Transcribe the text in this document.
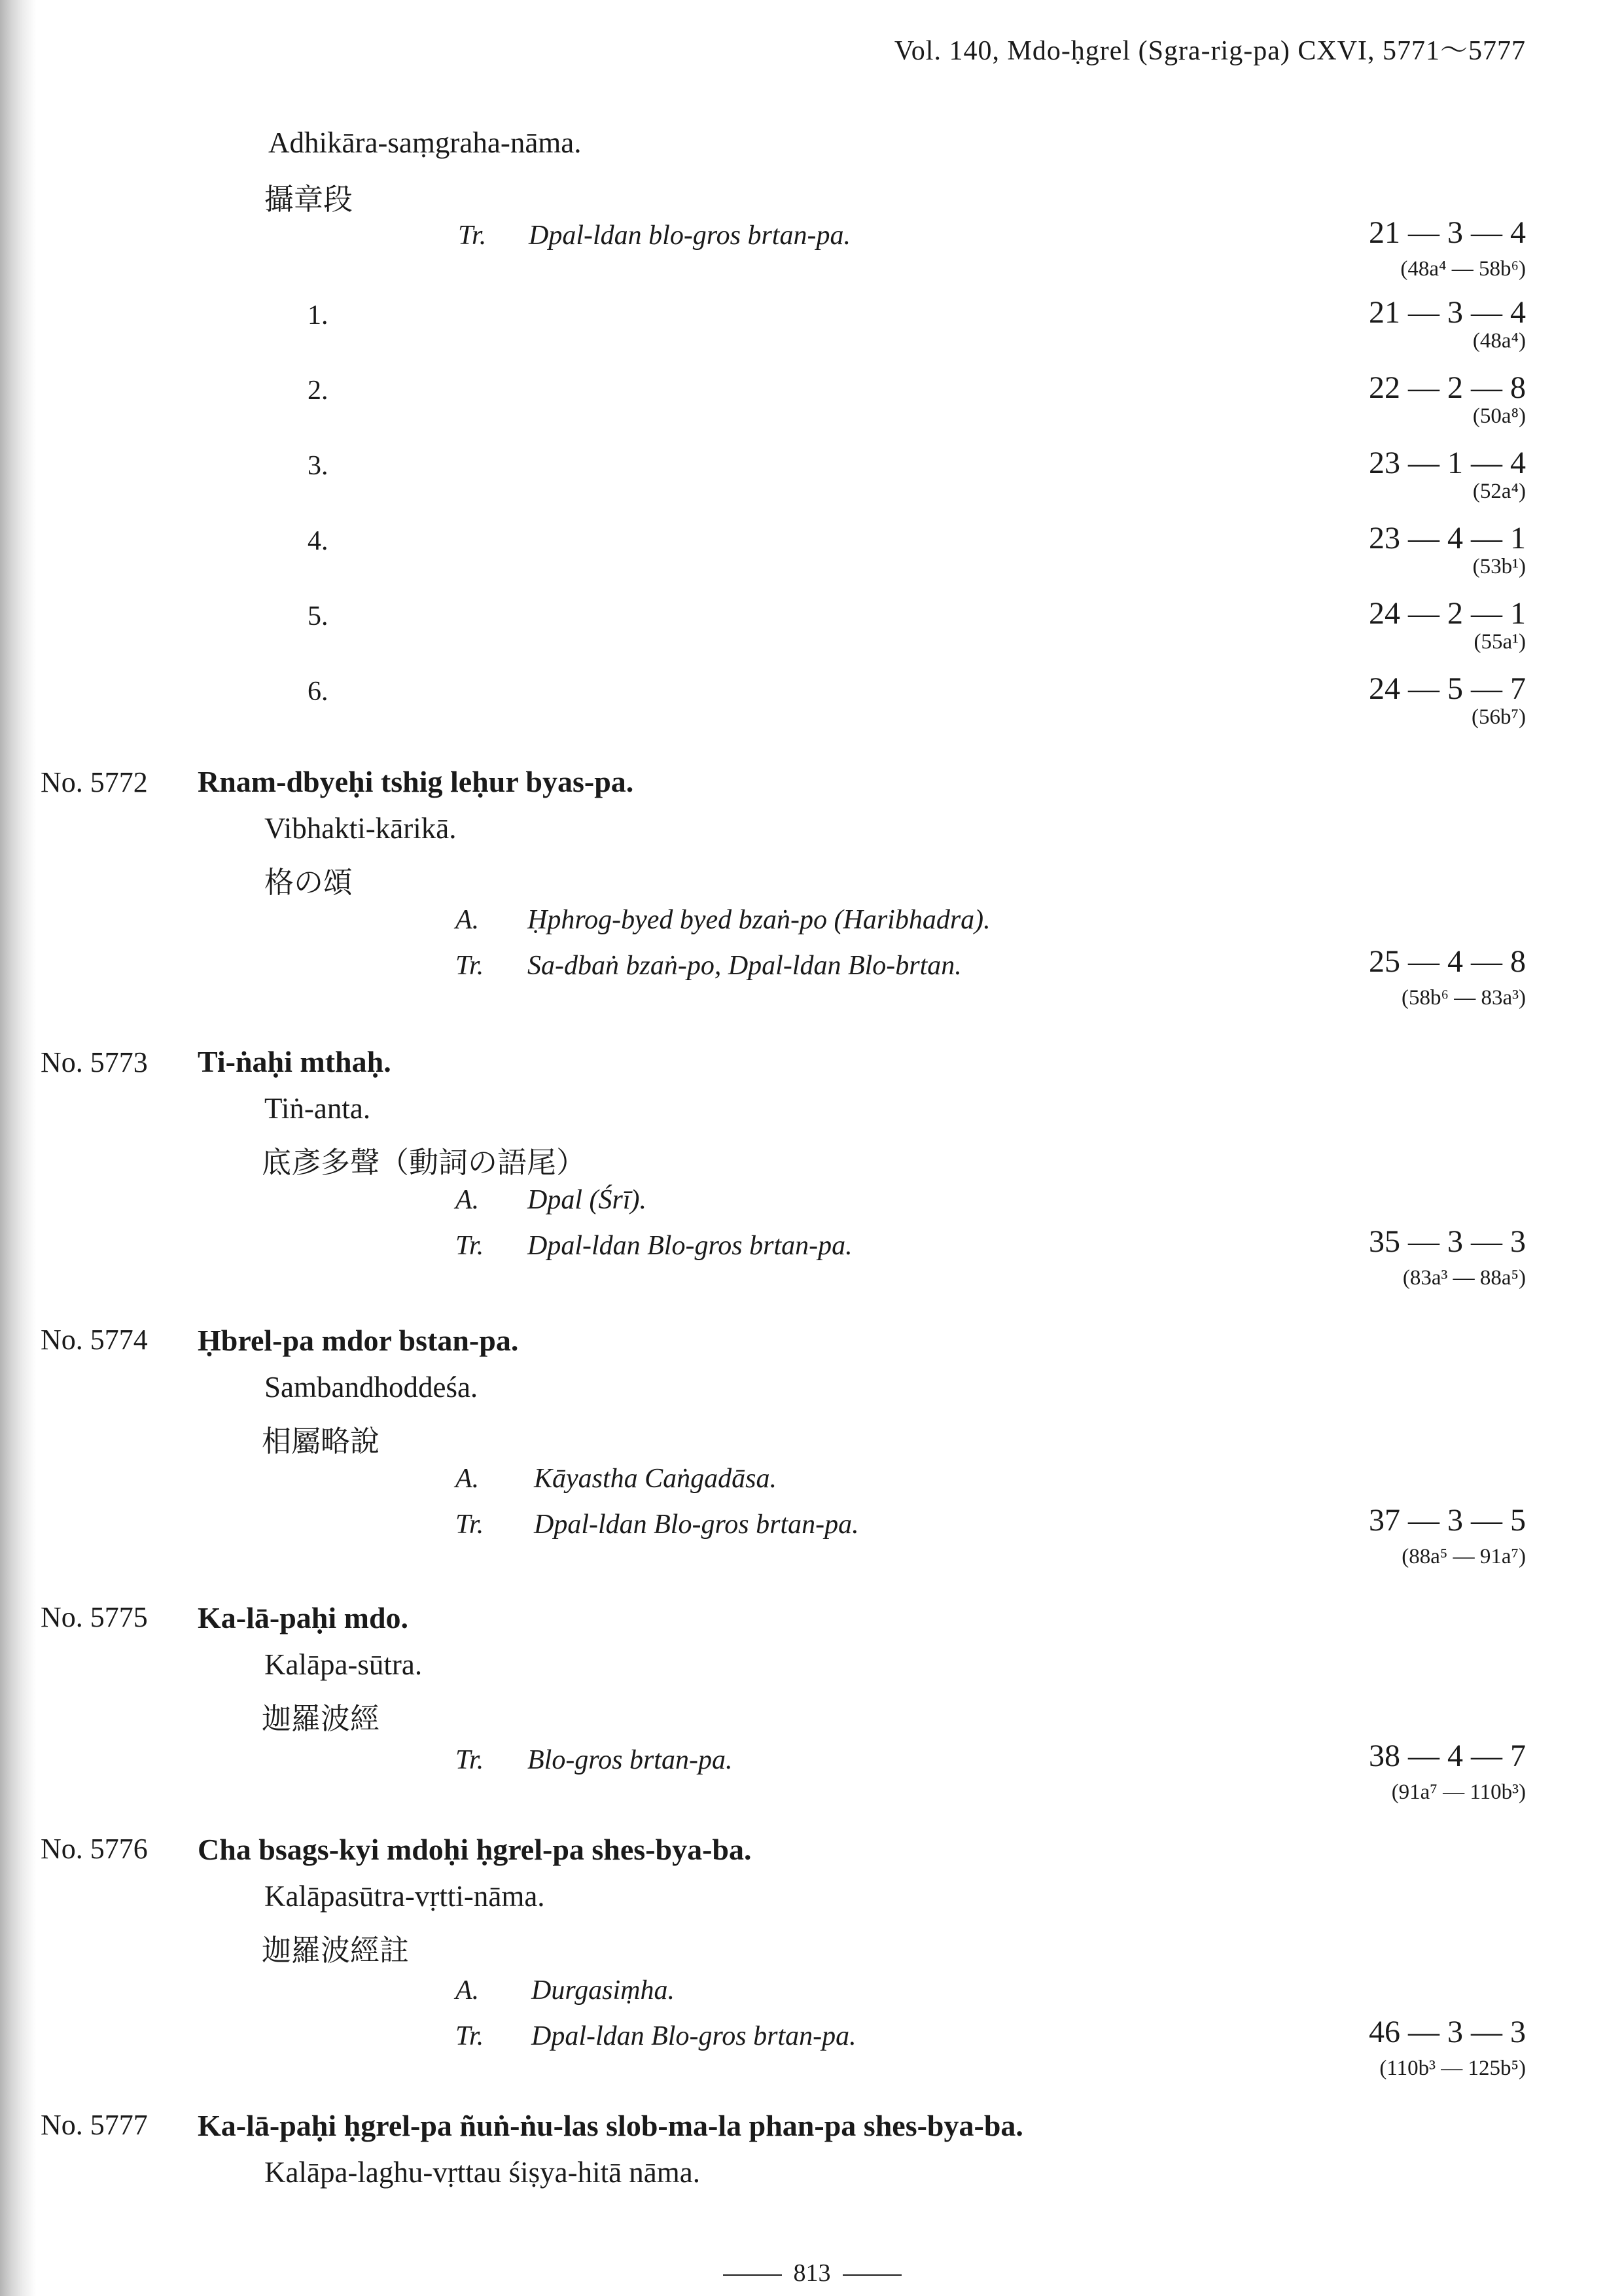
Vol. 140, Mdo-ḥgrel (Sgra-rig-pa) CXVI, 5771～5777
Adhikāra-saṃgraha-nāma.
攝章段
Tr. Dpal-ldan blo-gros brtan-pa.	21 — 3 — 4
(48a⁴ — 58b⁶)
1.	21 — 3 — 4
(48a⁴)
2.	22 — 2 — 8
(50a⁸)
3.	23 — 1 — 4
(52a⁴)
4.	23 — 4 — 1
(53b¹)
5.	24 — 2 — 1
(55a¹)
6.	24 — 5 — 7
(56b⁷)
No. 5772 Rnam-dbyeḥi tshig leḥur byas-pa.
Vibhakti-kārikā.
格の頌
A. Ḥphrog-byed byed bzaṅ-po (Haribhadra).
Tr. Sa-dbaṅ bzaṅ-po, Dpal-ldan Blo-brtan.	25 — 4 — 8
(58b⁶ — 83a³)
No. 5773 Ti-ṅaḥi mthaḥ.
Tiṅ-anta.
底彥多聲（動詞の語尾）
A. Dpal (Śrī).
Tr. Dpal-ldan Blo-gros brtan-pa.	35 — 3 — 3
(83a³ — 88a⁵)
No. 5774 Ḥbrel-pa mdor bstan-pa.
Sambandhoddeśa.
相屬略說
A. Kāyastha Caṅgadāsa.
Tr. Dpal-ldan Blo-gros brtan-pa.	37 — 3 — 5
(88a⁵ — 91a⁷)
No. 5775 Ka-lā-paḥi mdo.
Kalāpa-sūtra.
迦羅波經
Tr. Blo-gros brtan-pa.	38 — 4 — 7
(91a⁷ — 110b³)
No. 5776 Cha bsags-kyi mdoḥi ḥgrel-pa shes-bya-ba.
Kalāpasūtra-vṛtti-nāma.
迦羅波經註
A. Durgasiṃha.
Tr. Dpal-ldan Blo-gros brtan-pa.	46 — 3 — 3
(110b³ — 125b⁵)
No. 5777 Ka-lā-paḥi ḥgrel-pa ñuṅ-ṅu-las slob-ma-la phan-pa shes-bya-ba.
Kalāpa-laghu-vṛttau śiṣya-hitā nāma.
813
